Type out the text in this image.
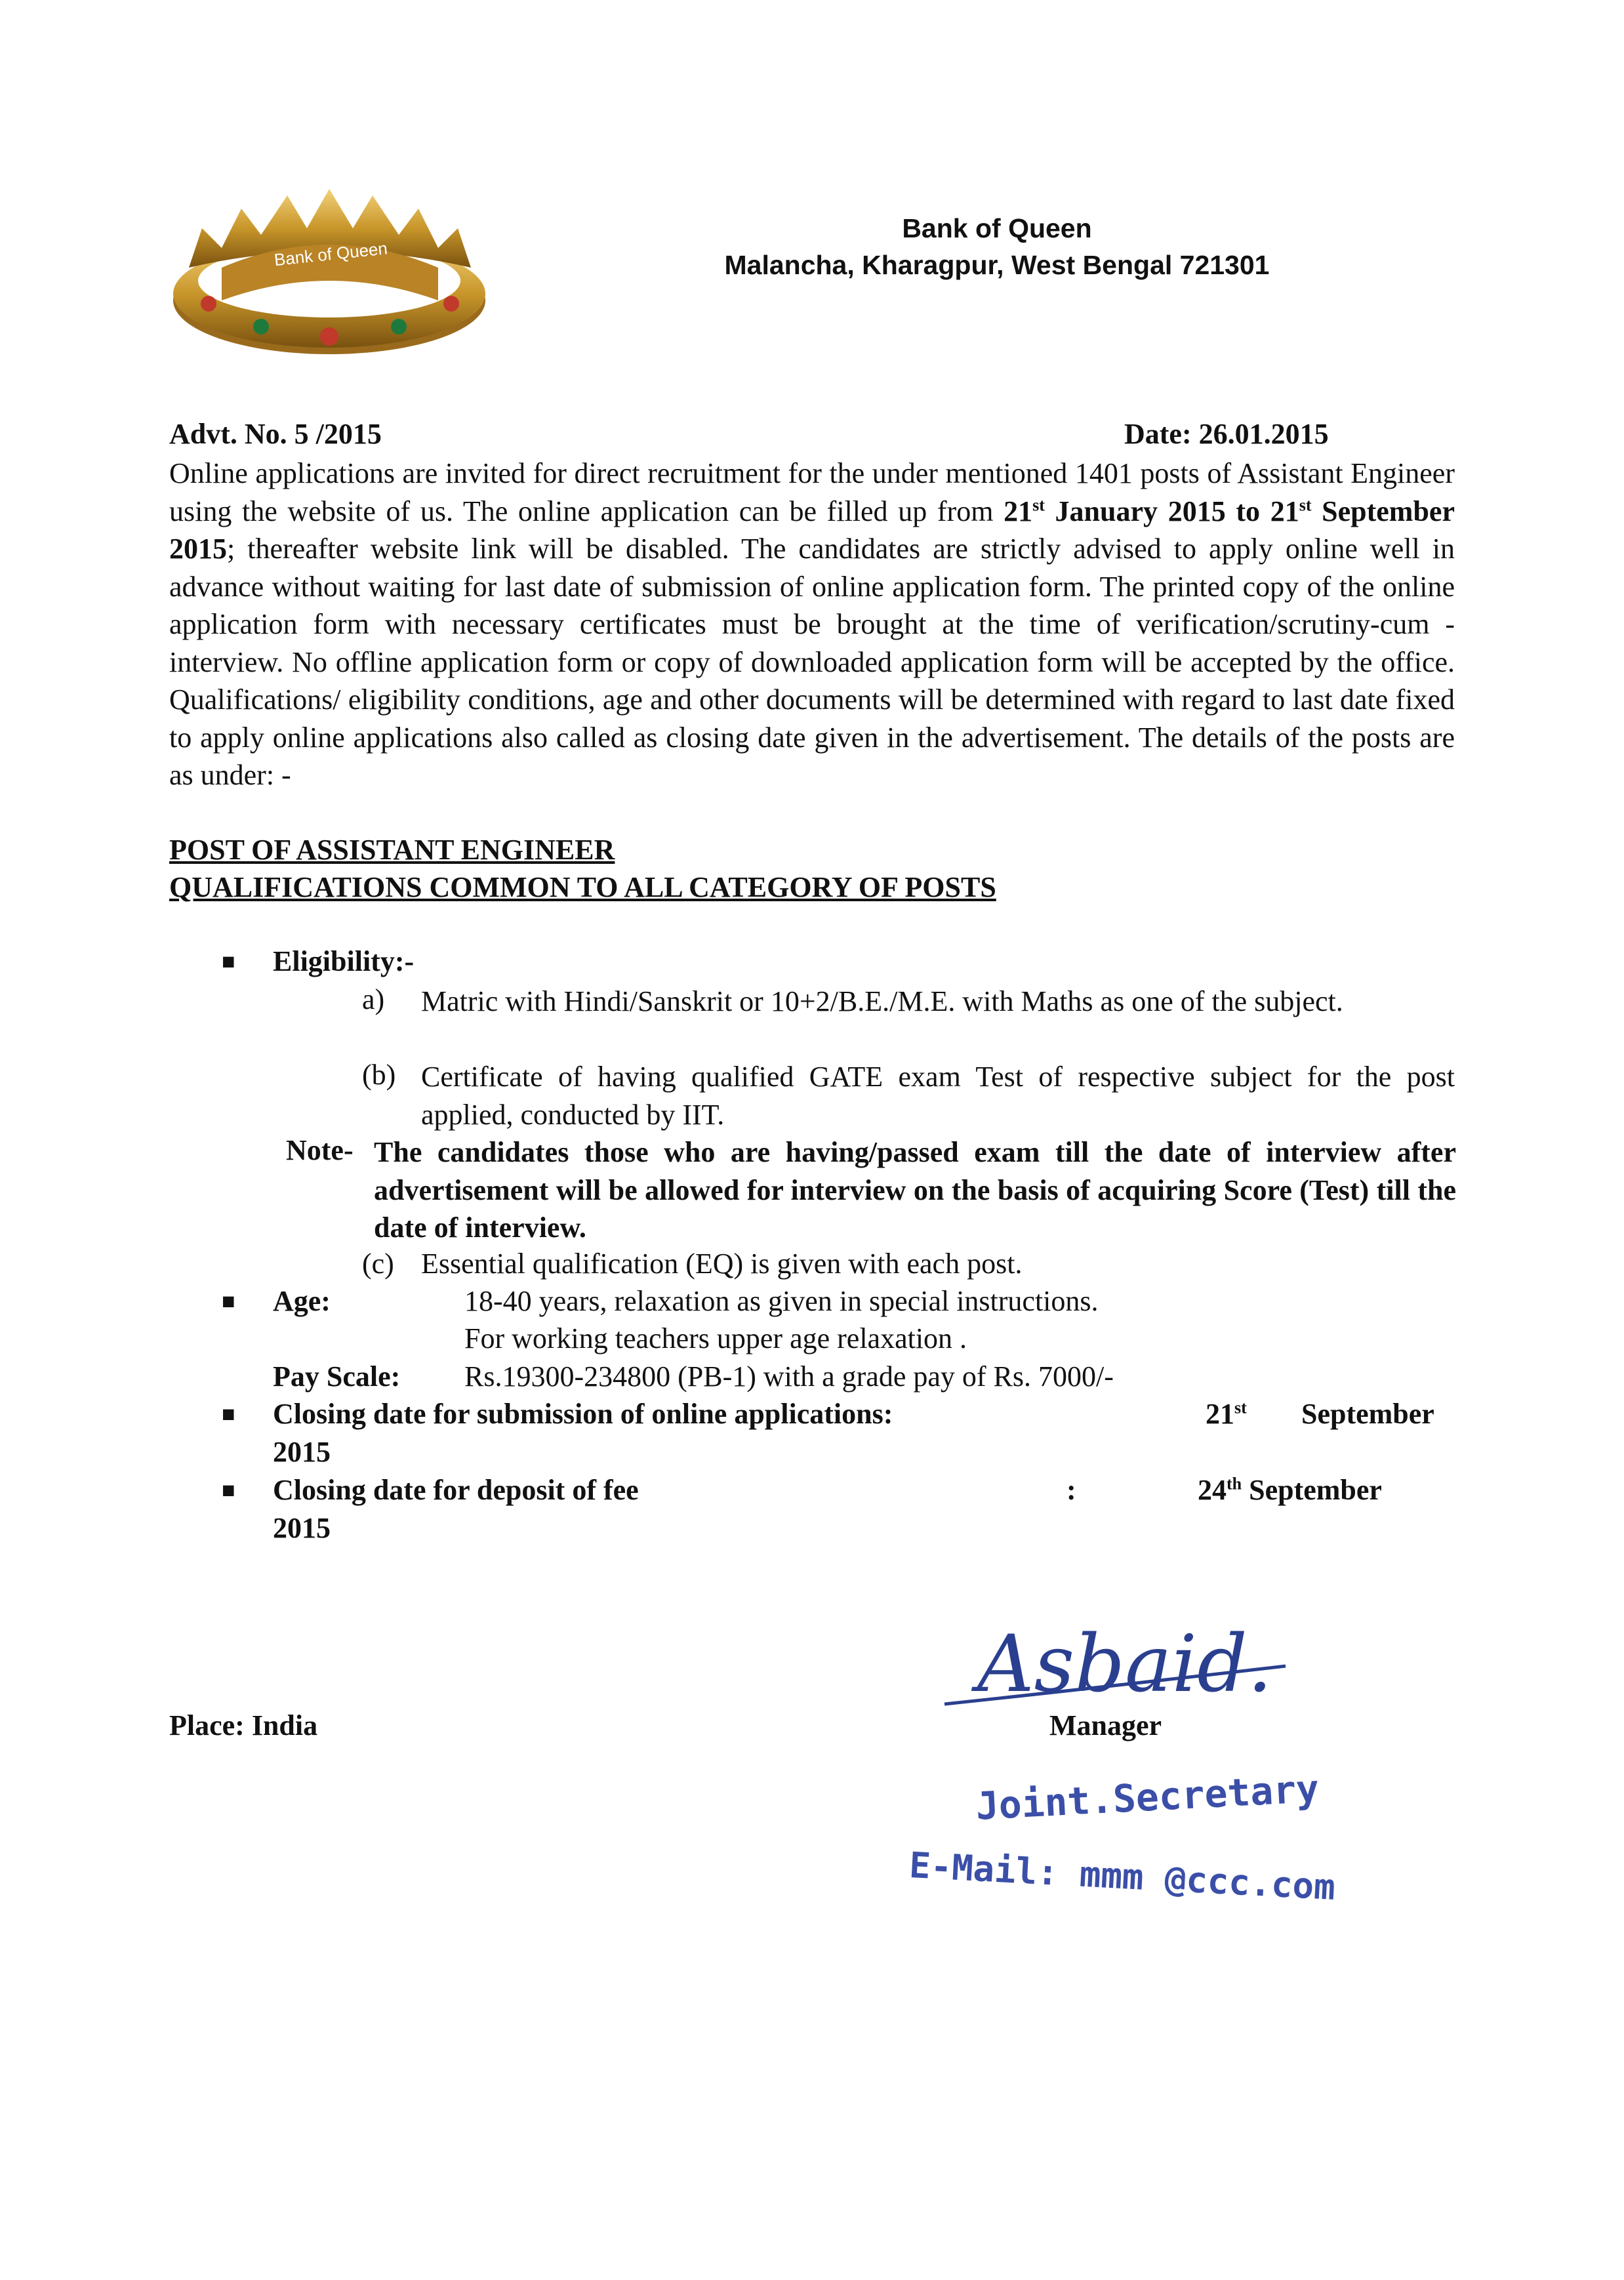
Bank of Queen
Bank of Queen
Malancha, Kharagpur, West Bengal 721301
Advt. No. 5 /2015	Date: 26.01.2015

Online applications are invited for direct recruitment for the under mentioned 1401 posts of Assistant Engineer using the website of us. The online application can be filled up from 21st January 2015 to 21st September 2015; thereafter website link will be disabled. The candidates are strictly advised to apply online well in advance without waiting for last date of submission of online application form. The printed copy of the online application form with necessary certificates must be brought at the time of verification/scrutiny-cum -interview. No offline application form or copy of downloaded application form will be accepted by the office. Qualifications/ eligibility conditions, age and other documents will be determined with regard to last date fixed to apply online applications also called as closing date given in the advertisement. The details of the posts are as under: -

POST OF ASSISTANT ENGINEER
QUALIFICATIONS COMMON TO ALL CATEGORY OF POSTS
■ Eligibility:-
a) Matric with Hindi/Sanskrit or 10+2/B.E./M.E. with Maths as one of the subject.
(b) Certificate of having qualified GATE exam Test of respective subject for the post applied, conducted by IIT.
Note- The candidates those who are having/passed exam till the date of interview after advertisement will be allowed for interview on the basis of acquiring Score (Test) till the date of interview.
(c) Essential qualification (EQ) is given with each post.
■ Age:	18-40 years, relaxation as given in special instructions.
For working teachers upper age relaxation .
Pay Scale: Rs.19300-234800 (PB-1) with a grade pay of Rs. 7000/-
■ Closing date for submission of online applications:	21st September
2015
■ Closing date for deposit of fee	:	24th September
2015
Asbaid.
Place: India	Manager
Joint.Secretary
E-Mail: mmm @ccc.com
